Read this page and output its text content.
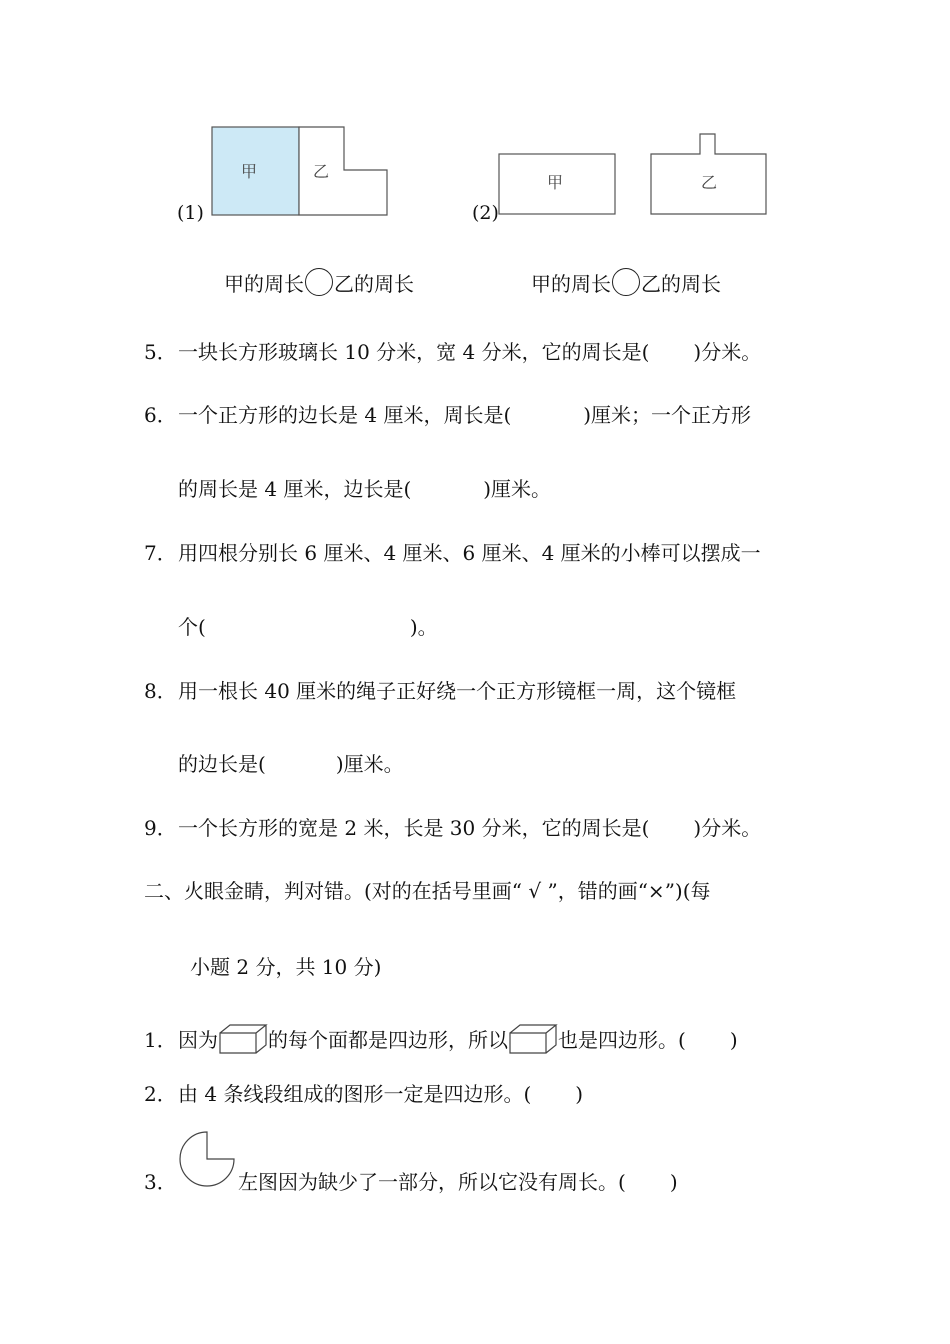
(1)
甲	乙
(2)
甲	乙
甲的周长 乙的周长	甲的周长 乙的周长
5．一块长方形玻璃长 10 分米，宽 4 分米，它的周长是( )分米。
6．一个正方形的边长是 4 厘米，周长是(	)厘米；一个正方形
的周长是 4 厘米，边长是(	)厘米。
7．用四根分别长 6 厘米、4 厘米、6 厘米、4 厘米的小棒可以摆成一
个(	)。
8．用一根长 40 厘米的绳子正好绕一个正方形镜框一周，这个镜框
的边长是(	)厘米。
9．一个长方形的宽是 2 米，长是 30 分米，它的周长是( )分米。
二、火眼金睛，判对错。(对的在括号里画“ √ ”，错的画“×”)(每
小题 2 分，共 10 分)
1．因为	的每个面都是四边形，所以	也是四边形。( )
2．由 4 条线段组成的图形一定是四边形。( )
3．	左图因为缺少了一部分，所以它没有周长。( )
